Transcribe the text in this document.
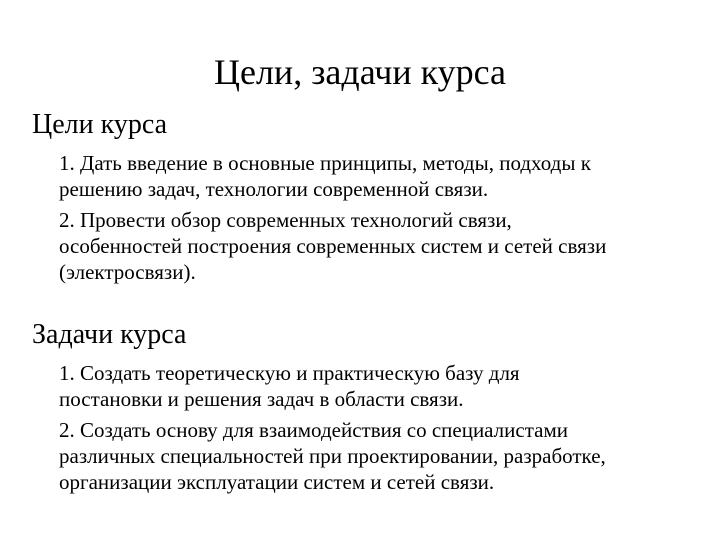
Цели, задачи курса
Цели курса

1. Дать введение в основные принципы, методы, подходы к
решению задач, технологии современной связи.

2. Провести обзор современных технологий связи,
особенностей построения современных систем и сетей связи
(электросвязи).

Задачи курса

1. Создать теоретическую и практическую базу для
постановки и решения задач в области связи.

2. Создать основу для взаимодействия со специалистами
различных специальностей при проектировании, разработке,
организации эксплуатации систем и сетей связи.
